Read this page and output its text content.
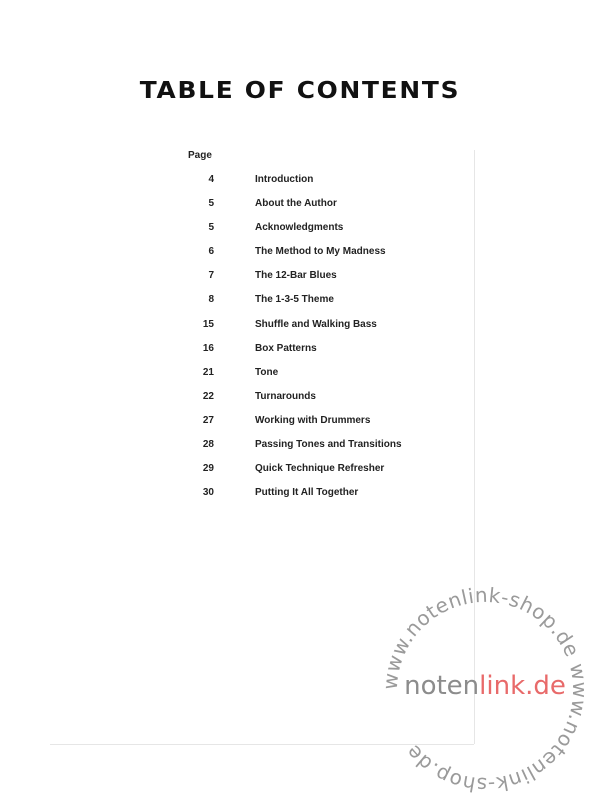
TABLE OF CONTENTS
Page
4	Introduction
5	About the Author
5	Acknowledgments
6	The Method to My Madness
7	The 12-Bar Blues
8	The 1-3-5 Theme
15	Shuffle and Walking Bass
16	Box Patterns
21	Tone
22	Turnarounds
27	Working with Drummers
28	Passing Tones and Transitions
29	Quick Technique Refresher
30	Putting It All Together
www.notenlink-shop.de www.notenlink-shop.de
notenlink.de
